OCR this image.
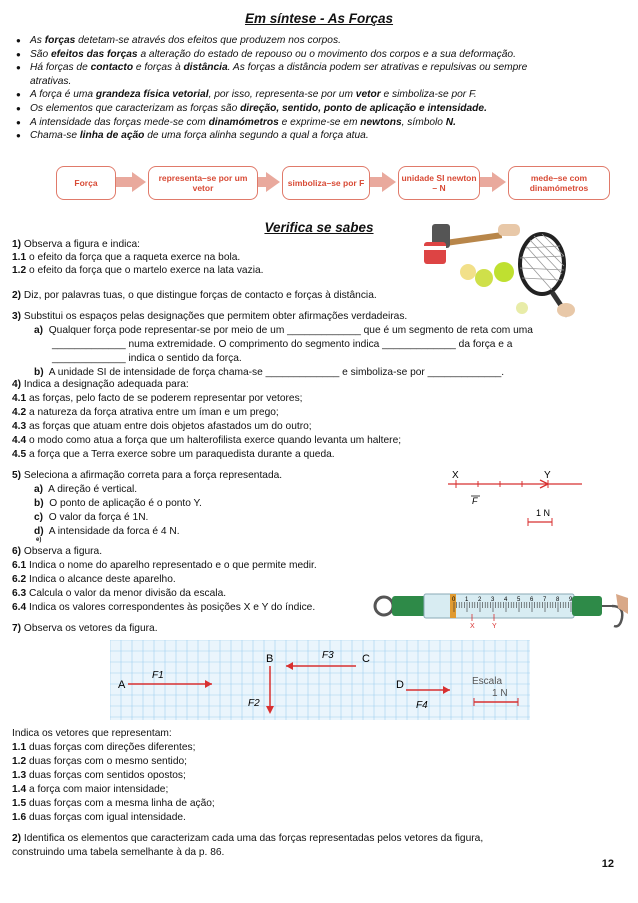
Em síntese - As Forças
● As forças detetam-se através dos efeitos que produzem nos corpos.
● São efeitos das forças a alteração do estado de repouso ou o movimento dos corpos e a sua deformação.
● Há forças de contacto e forças à distância. As forças a distância podem ser atrativas e repulsivas ou sempre
atrativas.
● A força é uma grandeza física vetorial, por isso, representa-se por um vetor e simboliza-se por F.
● Os elementos que caracterizam as forças são direção, sentido, ponto de aplicação e intensidade.
● A intensidade das forças mede-se com dinamómetros e exprime-se em newtons, símbolo N.
● Chama-se linha de ação de uma força alinha segundo a qual a força atua.
Força	representa–se por um vetor	simboliza–se por F	unidade SI newton – N
mede–se com dinamómetros
Verifica se sabes
1) Observa a figura e indica:
1.1 o efeito da força que a raqueta exerce na bola.
1.2 o efeito da força que o martelo exerce na lata vazia.
2) Diz, por palavras tuas, o que distingue forças de contacto e forças à distância.
3) Substitui os espaços pelas designações que permitem obter afirmações verdadeiras.
a) Qualquer força pode representar-se por meio de um _____________ que é um segmento de reta com uma
_____________ numa extremidade. O comprimento do segmento indica _____________ da força e a
_____________ indica o sentido da força.
b) A unidade SI de intensidade de força chama-se _____________ e simboliza-se por _____________.
4) Indica a designação adequada para:
4.1 as forças, pelo facto de se poderem representar por vetores;
4.2 a natureza da força atrativa entre um íman e um prego;
4.3 as forças que atuam entre dois objetos afastados um do outro;
4.4 o modo como atua a força que um halterofilista exerce quando levanta um haltere;
4.5 a força que a Terra exerce sobre um paraquedista durante a queda.
5) Seleciona a afirmação correta para a força representada.
a) A direção é vertical.
b) O ponto de aplicação é o ponto Y.
c) O valor da força é 1N.
d) A intensidade da forca é 4 N.
e)
X	Y
F
1 N
6) Observa a figura.
6.1 Indica o nome do aparelho representado e o que permite medir.
6.2 Indica o alcance deste aparelho.
6.3 Calcula o valor da menor divisão da escala.
6.4 Indica os valores correspondentes às posições X e Y do índice.
0 1 2 3 4 5 6 7 8 9
X Y
7) Observa os vetores da figura.
A
F1
B
F2
C
F3
D
F4
Escala
1 N
Indica os vetores que representam:
1.1 duas forças com direções diferentes;
1.2 duas forças com o mesmo sentido;
1.3 duas forças com sentidos opostos;
1.4 a força com maior intensidade;
1.5 duas forças com a mesma linha de ação;
1.6 duas forças com igual intensidade.
2) Identifica os elementos que caracterizam cada uma das forças representadas pelos vetores da figura,
construindo uma tabela semelhante à da p. 86.
12
